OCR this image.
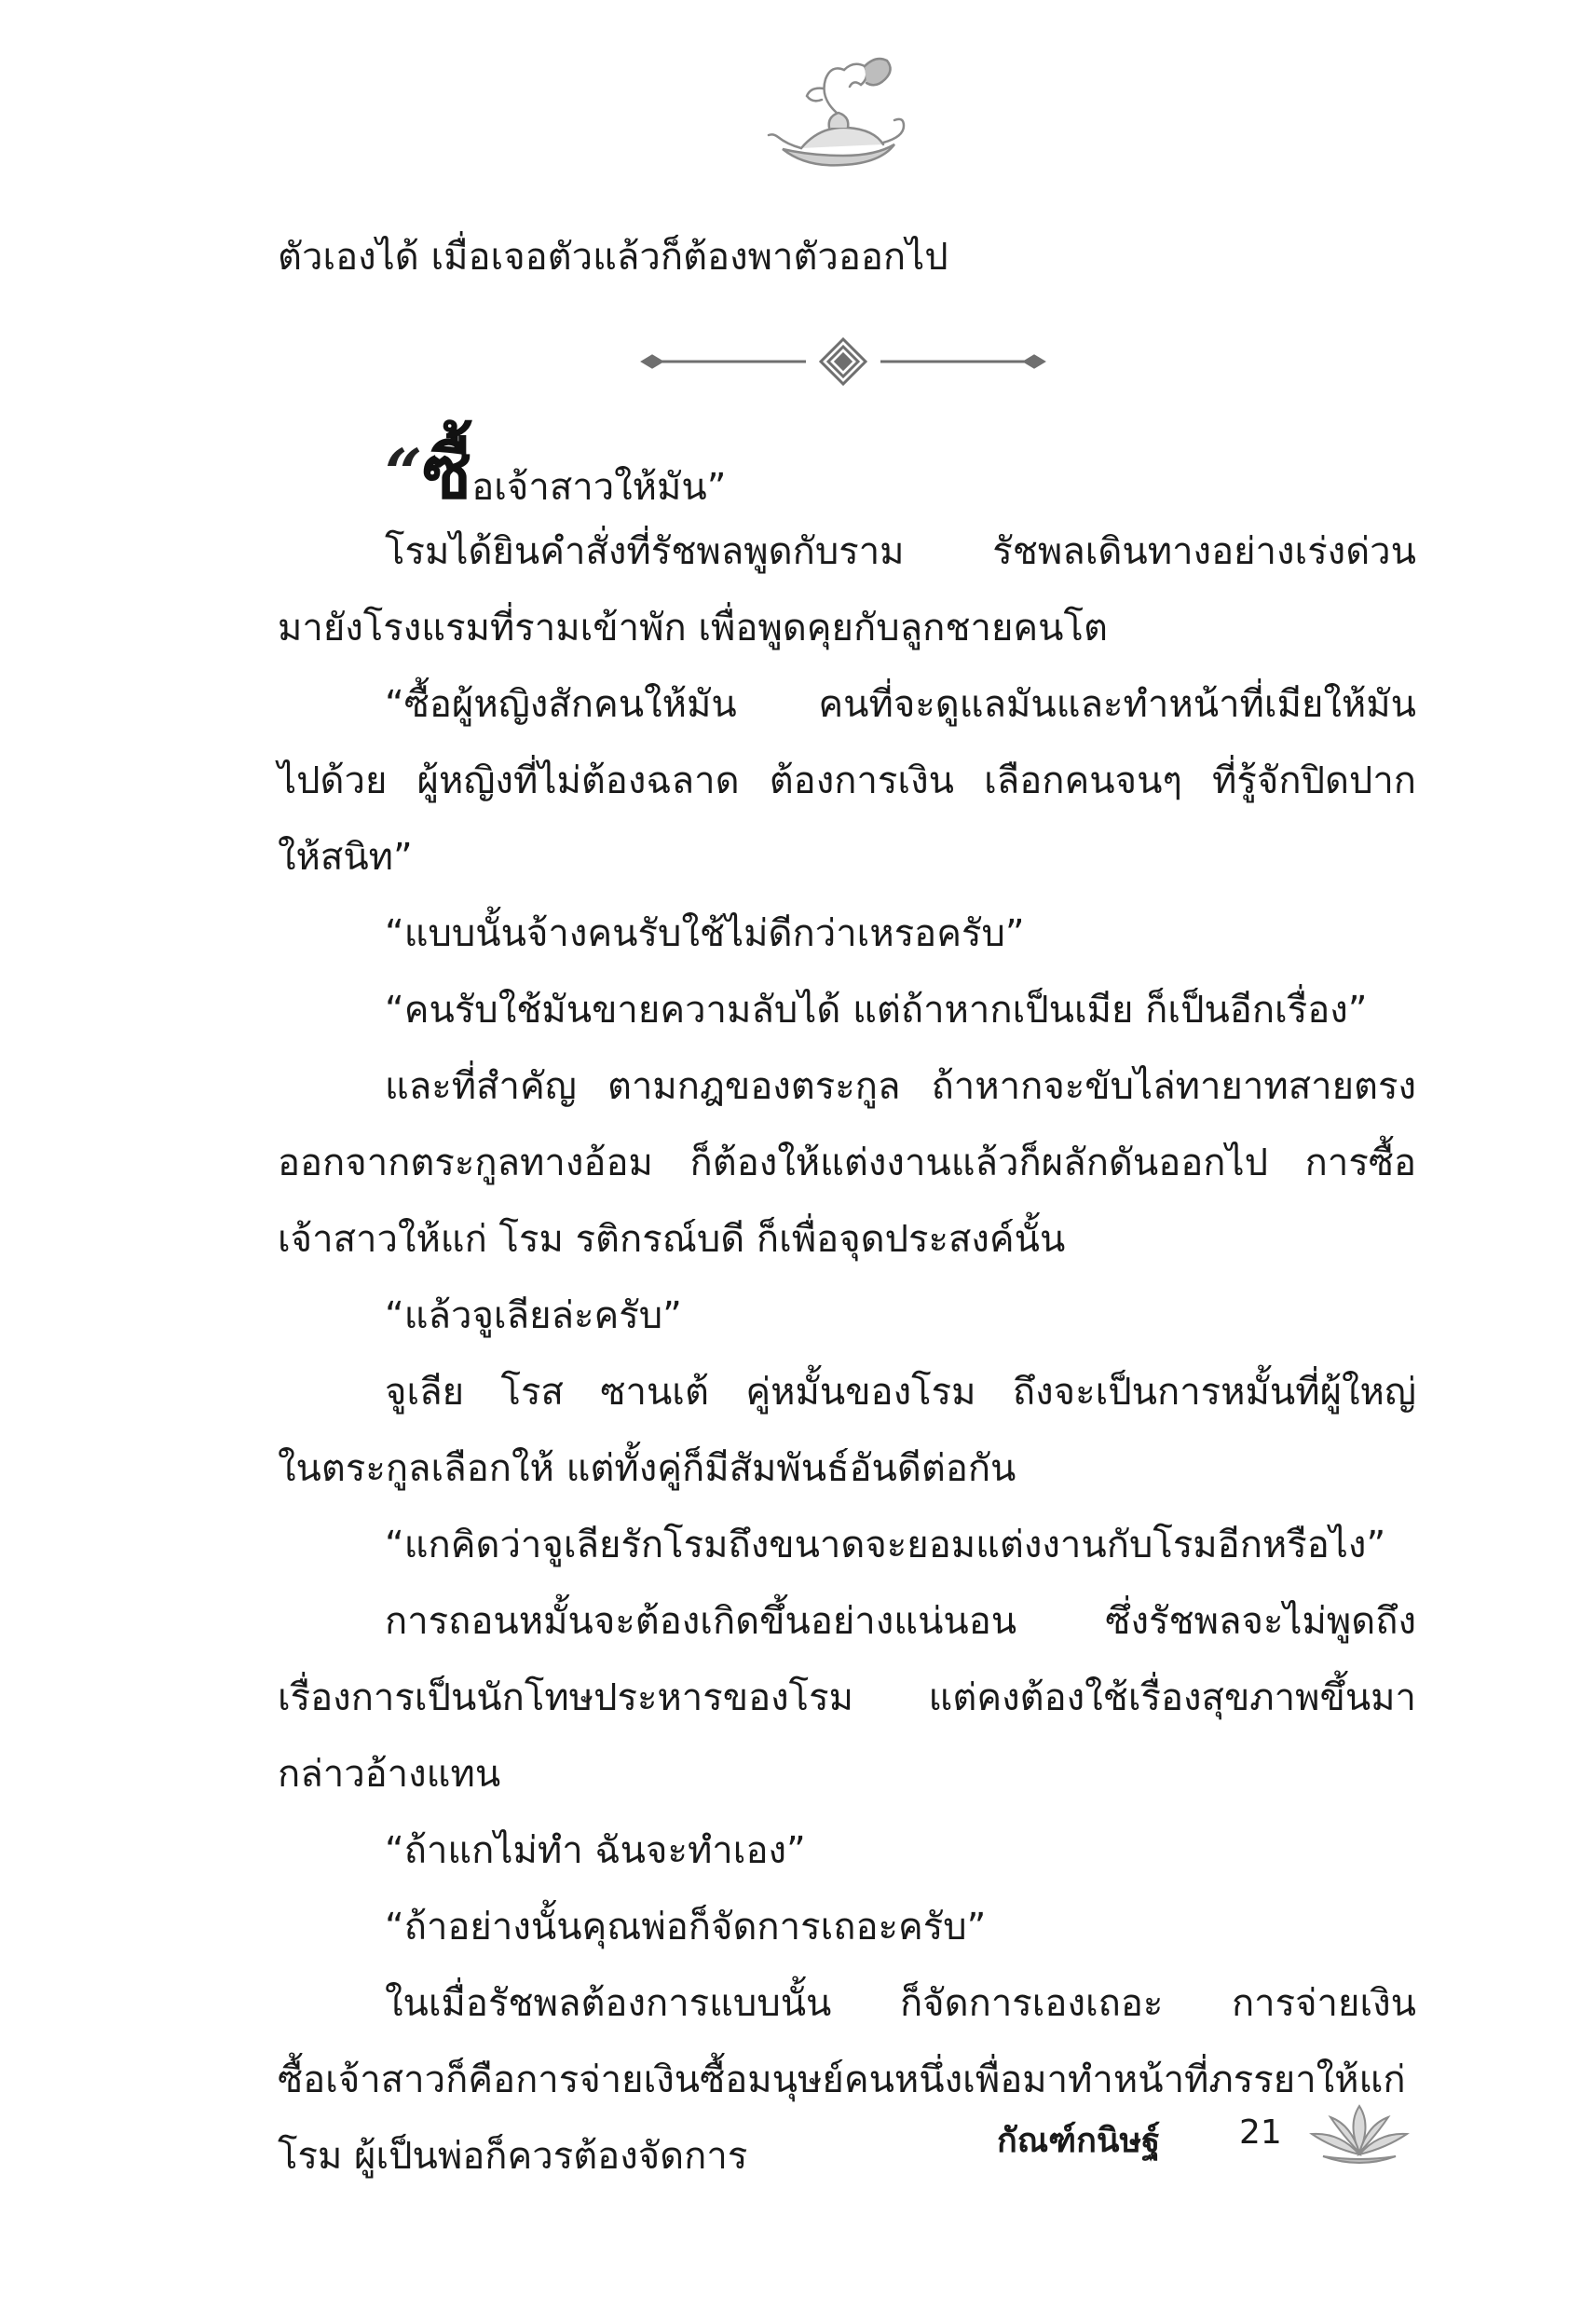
ตัวเองได้ เมื่อเจอตัวแล้วก็ต้องพาตัวออกไป
“ซื้อเจ้าสาวให้มัน”
โรมได้ยินคำสั่งที่รัชพลพูดกับราม รัชพลเดินทางอย่างเร่งด่วน
มายังโรงแรมที่รามเข้าพัก เพื่อพูดคุยกับลูกชายคนโต
“ซื้อผู้หญิงสักคนให้มัน คนที่จะดูแลมันและทำหน้าที่เมียให้มัน
ไปด้วย ผู้หญิงที่ไม่ต้องฉลาด ต้องการเงิน เลือกคนจนๆ ที่รู้จักปิดปาก
ให้สนิท”
“แบบนั้นจ้างคนรับใช้ไม่ดีกว่าเหรอครับ”
“คนรับใช้มันขายความลับได้ แต่ถ้าหากเป็นเมีย ก็เป็นอีกเรื่อง”
และที่สำคัญ ตามกฎของตระกูล ถ้าหากจะขับไล่ทายาทสายตรง
ออกจากตระกูลทางอ้อม ก็ต้องให้แต่งงานแล้วก็ผลักดันออกไป การซื้อ
เจ้าสาวให้แก่ โรม รติกรณ์บดี ก็เพื่อจุดประสงค์นั้น
“แล้วจูเลียล่ะครับ”
จูเลีย โรส ซานเต้ คู่หมั้นของโรม ถึงจะเป็นการหมั้นที่ผู้ใหญ่
ในตระกูลเลือกให้ แต่ทั้งคู่ก็มีสัมพันธ์อันดีต่อกัน
“แกคิดว่าจูเลียรักโรมถึงขนาดจะยอมแต่งงานกับโรมอีกหรือไง”
การถอนหมั้นจะต้องเกิดขึ้นอย่างแน่นอน ซึ่งรัชพลจะไม่พูดถึง
เรื่องการเป็นนักโทษประหารของโรม แต่คงต้องใช้เรื่องสุขภาพขึ้นมา
กล่าวอ้างแทน
“ถ้าแกไม่ทำ ฉันจะทำเอง”
“ถ้าอย่างนั้นคุณพ่อก็จัดการเถอะครับ”
ในเมื่อรัชพลต้องการแบบนั้น ก็จัดการเองเถอะ การจ่ายเงิน
ซื้อเจ้าสาวก็คือการจ่ายเงินซื้อมนุษย์คนหนึ่งเพื่อมาทำหน้าที่ภรรยาให้แก่
โรม ผู้เป็นพ่อก็ควรต้องจัดการ	กัณฑ์กนิษฐ์ 21
